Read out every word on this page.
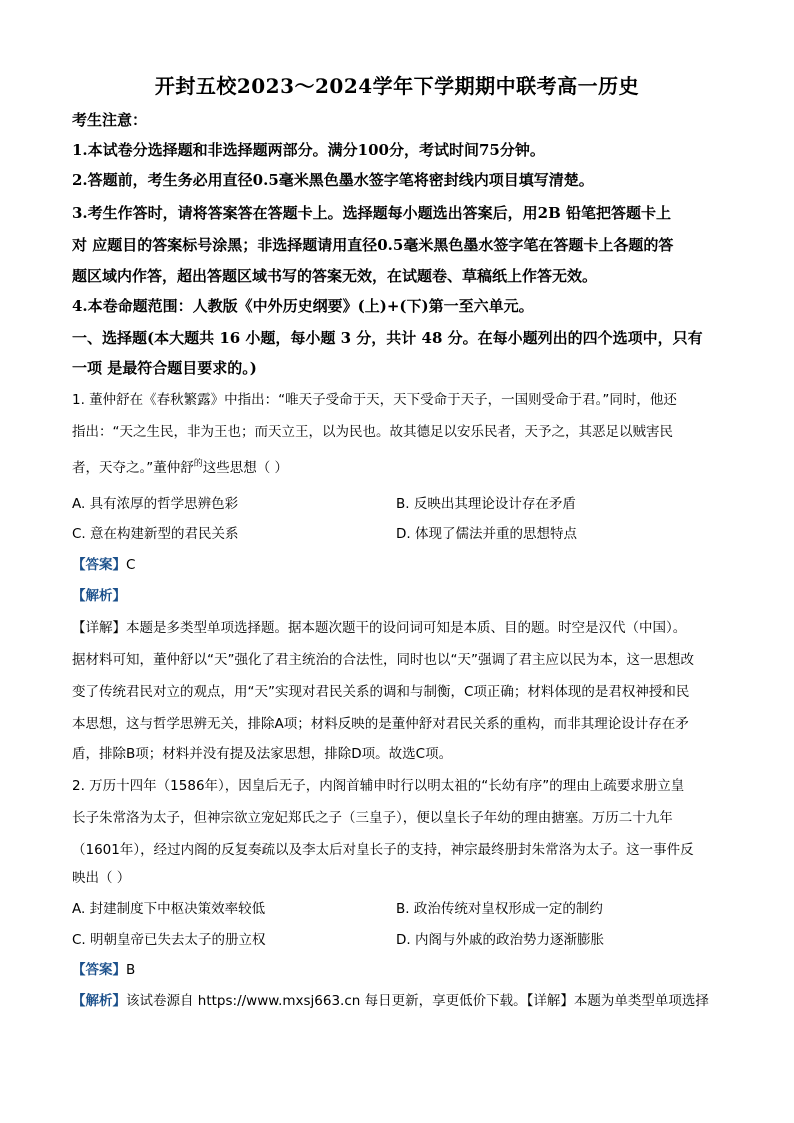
开封五校2023～2024学年下学期期中联考高一历史
考生注意：
1.本试卷分选择题和非选择题两部分。满分100分，考试时间75分钟。
2.答题前，考生务必用直径0.5毫米黑色墨水签字笔将密封线内项目填写清楚。
3.考生作答时，请将答案答在答题卡上。选择题每小题选出答案后，用2B 铅笔把答题卡上
对 应题目的答案标号涂黑；非选择题请用直径0.5毫米黑色墨水签字笔在答题卡上各题的答
题区域内作答，超出答题区域书写的答案无效，在试题卷、草稿纸上作答无效。
4.本卷命题范围：人教版《中外历史纲要》(上)+(下)第一至六单元。
一、选择题(本大题共 16 小题，每小题 3 分，共计 48 分。在每小题列出的四个选项中，只有
一项 是最符合题目要求的。)
1. 董仲舒在《春秋繁露》中指出：“唯天子受命于天，天下受命于天子，一国则受命于君。”同时，他还
指出：“天之生民，非为王也；而天立王，以为民也。故其德足以安乐民者，天予之，其恶足以贼害民
者，天夺之。”董仲舒$^的$这些思想（ ）
A. 具有浓厚的哲学思辨色彩	B. 反映出其理论设计存在矛盾
C. 意在构建新型的君民关系	D. 体现了儒法并重的思想特点
【答案】C
【解析】
【详解】本题是多类型单项选择题。据本题次题干的设问词可知是本质、目的题。时空是汉代（中国）。
据材料可知，董仲舒以“天”强化了君主统治的合法性，同时也以“天”强调了君主应以民为本，这一思想改
变了传统君民对立的观点，用“天”实现对君民关系的调和与制衡，C项正确；材料体现的是君权神授和民
本思想，这与哲学思辨无关，排除A项；材料反映的是董仲舒对君民关系的重构，而非其理论设计存在矛
盾，排除B项；材料并没有提及法家思想，排除D项。故选C项。
2. 万历十四年（1586年），因皇后无子，内阁首辅申时行以明太祖的“长幼有序”的理由上疏要求册立皇
长子朱常洛为太子，但神宗欲立宠妃郑氏之子（三皇子），便以皇长子年幼的理由搪塞。万历二十九年
（1601年），经过内阁的反复奏疏以及李太后对皇长子的支持，神宗最终册封朱常洛为太子。这一事件反
映出（ ）
A. 封建制度下中枢决策效率较低	B. 政治传统对皇权形成一定的制约
C. 明朝皇帝已失去太子的册立权	D. 内阁与外戚的政治势力逐渐膨胀
【答案】B
【解析】该试卷源自 https://www.mxsj663.cn 每日更新，享更低价下载。【详解】本题为单类型单项选择
